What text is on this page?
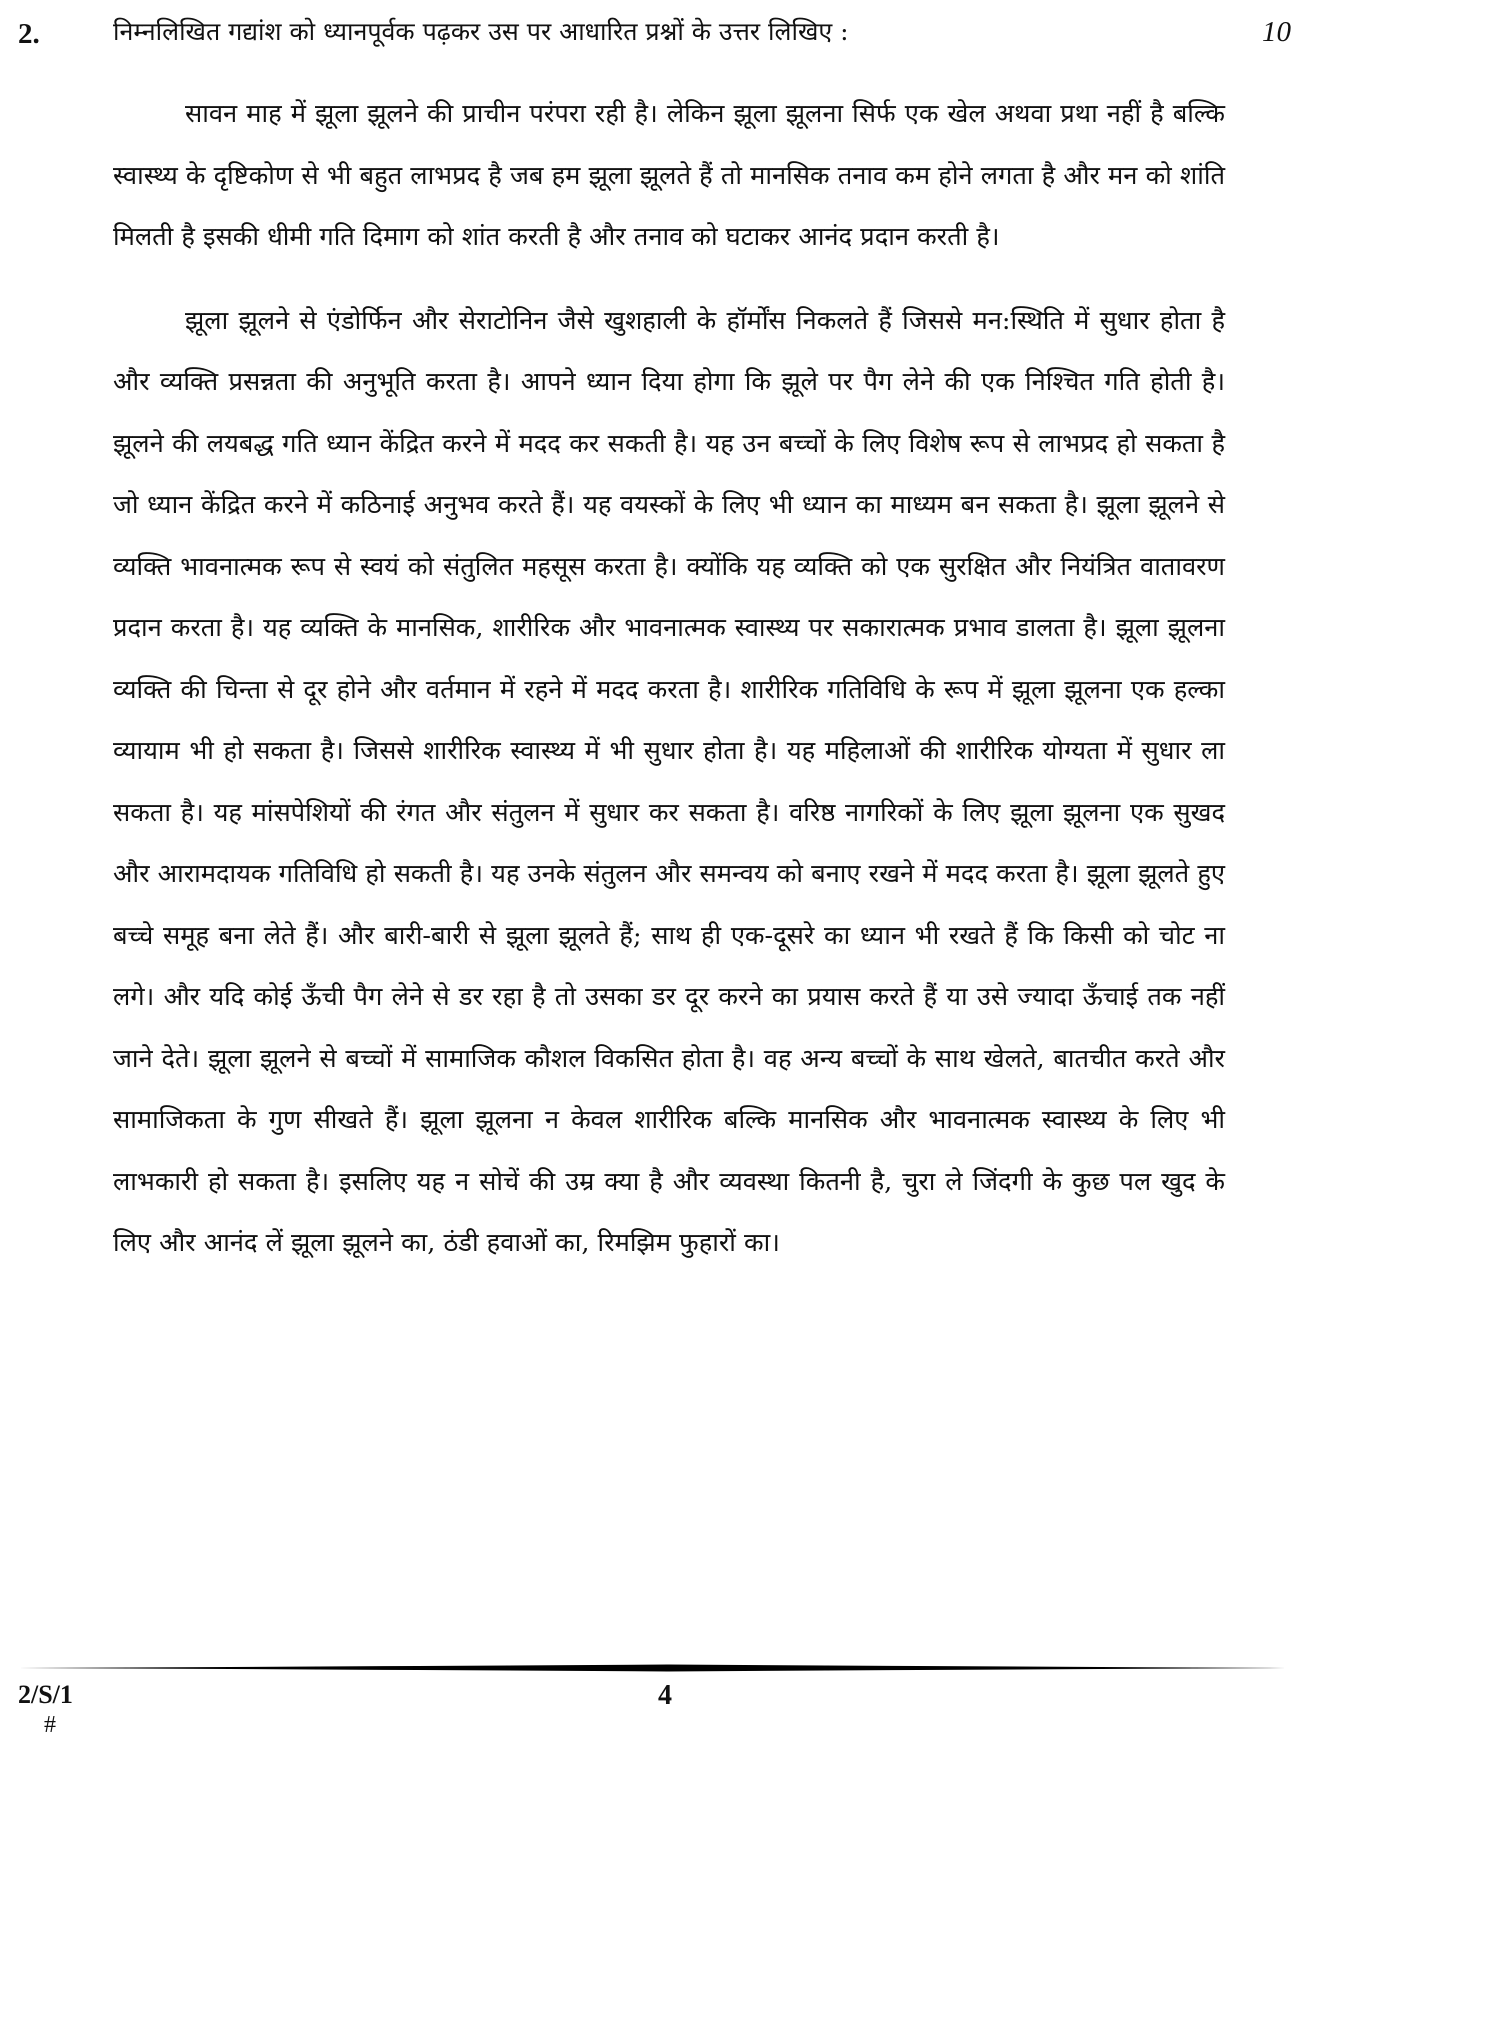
2.	निम्नलिखित गद्यांश को ध्यानपूर्वक पढ़कर उस पर आधारित प्रश्नों के उत्तर लिखिए :	10

सावन माह में झूला झूलने की प्राचीन परंपरा रही है। लेकिन झूला झूलना सिर्फ एक खेल अथवा प्रथा नहीं है बल्कि स्वास्थ्य के दृष्टिकोण से भी बहुत लाभप्रद है जब हम झूला झूलते हैं तो मानसिक तनाव कम होने लगता है और मन को शांति मिलती है इसकी धीमी गति दिमाग को शांत करती है और तनाव को घटाकर आनंद प्रदान करती है।

झूला झूलने से एंडोर्फिन और सेराटोनिन जैसे खुशहाली के हॉर्मोंस निकलते हैं जिससे मन:स्थिति में सुधार होता है और व्यक्ति प्रसन्नता की अनुभूति करता है। आपने ध्यान दिया होगा कि झूले पर पैग लेने की एक निश्चित गति होती है। झूलने की लयबद्ध गति ध्यान केंद्रित करने में मदद कर सकती है। यह उन बच्चों के लिए विशेष रूप से लाभप्रद हो सकता है जो ध्यान केंद्रित करने में कठिनाई अनुभव करते हैं। यह वयस्कों के लिए भी ध्यान का माध्यम बन सकता है। झूला झूलने से व्यक्ति भावनात्मक रूप से स्वयं को संतुलित महसूस करता है। क्योंकि यह व्यक्ति को एक सुरक्षित और नियंत्रित वातावरण प्रदान करता है। यह व्यक्ति के मानसिक, शारीरिक और भावनात्मक स्वास्थ्य पर सकारात्मक प्रभाव डालता है। झूला झूलना व्यक्ति की चिन्ता से दूर होने और वर्तमान में रहने में मदद करता है। शारीरिक गतिविधि के रूप में झूला झूलना एक हल्का व्यायाम भी हो सकता है। जिससे शारीरिक स्वास्थ्य में भी सुधार होता है। यह महिलाओं की शारीरिक योग्यता में सुधार ला सकता है। यह मांसपेशियों की रंगत और संतुलन में सुधार कर सकता है। वरिष्ठ नागरिकों के लिए झूला झूलना एक सुखद और आरामदायक गतिविधि हो सकती है। यह उनके संतुलन और समन्वय को बनाए रखने में मदद करता है। झूला झूलते हुए बच्चे समूह बना लेते हैं। और बारी-बारी से झूला झूलते हैं; साथ ही एक-दूसरे का ध्यान भी रखते हैं कि किसी को चोट ना लगे। और यदि कोई ऊँची पैग लेने से डर रहा है तो उसका डर दूर करने का प्रयास करते हैं या उसे ज्यादा ऊँचाई तक नहीं जाने देते। झूला झूलने से बच्चों में सामाजिक कौशल विकसित होता है। वह अन्य बच्चों के साथ खेलते, बातचीत करते और सामाजिकता के गुण सीखते हैं। झूला झूलना न केवल शारीरिक बल्कि मानसिक और भावनात्मक स्वास्थ्य के लिए भी लाभकारी हो सकता है। इसलिए यह न सोचें की उम्र क्या है और व्यवस्था कितनी है, चुरा ले जिंदगी के कुछ पल खुद के लिए और आनंद लें झूला झूलने का, ठंडी हवाओं का, रिमझिम फुहारों का।

2/S/1
#
4
